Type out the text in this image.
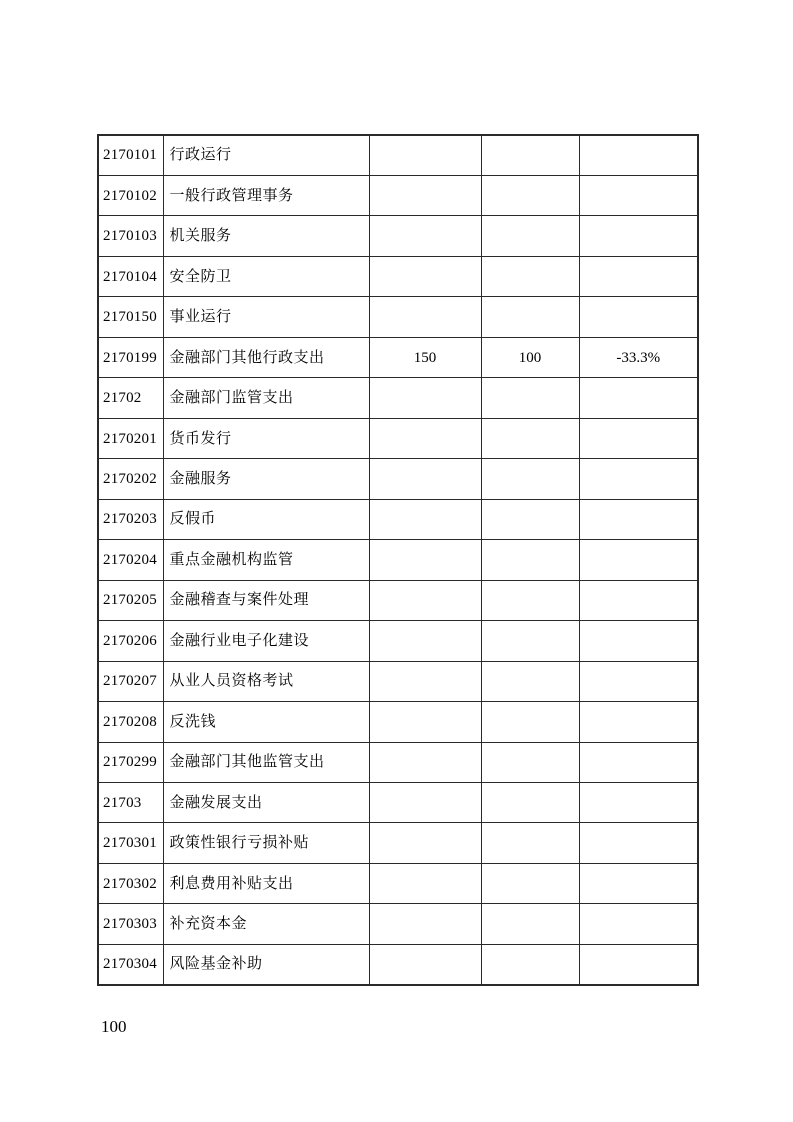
2170101	行政运行			
2170102	一般行政管理事务			
2170103	机关服务			
2170104	安全防卫			
2170150	事业运行			
2170199	金融部门其他行政支出	150	100	-33.3%
21702	金融部门监管支出			
2170201	货币发行			
2170202	金融服务			
2170203	反假币			
2170204	重点金融机构监管			
2170205	金融稽查与案件处理			
2170206	金融行业电子化建设			
2170207	从业人员资格考试			
2170208	反洗钱			
2170299	金融部门其他监管支出			
21703	金融发展支出			
2170301	政策性银行亏损补贴			
2170302	利息费用补贴支出			
2170303	补充资本金			
2170304	风险基金补助			
100
